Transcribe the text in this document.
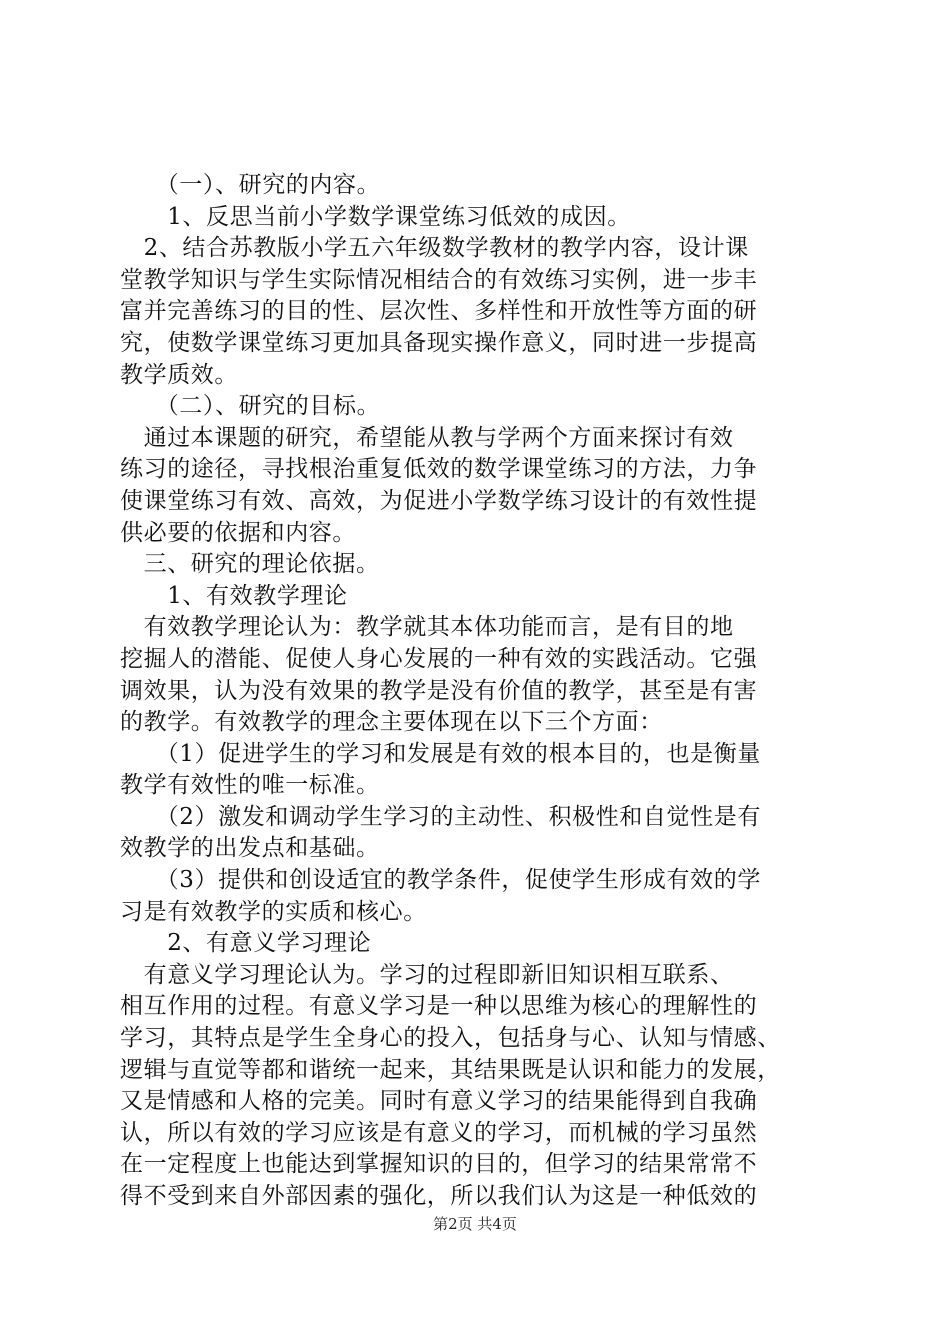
　　（一）、研究的内容。
　　1、反思当前小学数学课堂练习低效的成因。
　2、结合苏教版小学五六年级数学教材的教学内容，设计课
堂教学知识与学生实际情况相结合的有效练习实例，进一步丰
富并完善练习的目的性、层次性、多样性和开放性等方面的研
究，使数学课堂练习更加具备现实操作意义，同时进一步提高
教学质效。
　　（二）、研究的目标。
　通过本课题的研究，希望能从教与学两个方面来探讨有效
练习的途径，寻找根治重复低效的数学课堂练习的方法，力争
使课堂练习有效、高效，为促进小学数学练习设计的有效性提
供必要的依据和内容。
　三、研究的理论依据。
　　1、有效教学理论
　有效教学理论认为：教学就其本体功能而言，是有目的地
挖掘人的潜能、促使人身心发展的一种有效的实践活动。它强
调效果，认为没有效果的教学是没有价值的教学，甚至是有害
的教学。有效教学的理念主要体现在以下三个方面：
　　（1）促进学生的学习和发展是有效的根本目的，也是衡量
教学有效性的唯一标准。
　　（2）激发和调动学生学习的主动性、积极性和自觉性是有
效教学的出发点和基础。
　　（3）提供和创设适宜的教学条件，促使学生形成有效的学
习是有效教学的实质和核心。
　　2、有意义学习理论
　有意义学习理论认为。学习的过程即新旧知识相互联系、
相互作用的过程。有意义学习是一种以思维为核心的理解性的
学习，其特点是学生全身心的投入，包括身与心、认知与情感、
逻辑与直觉等都和谐统一起来，其结果既是认识和能力的发展，
又是情感和人格的完美。同时有意义学习的结果能得到自我确
认，所以有效的学习应该是有意义的学习，而机械的学习虽然
在一定程度上也能达到掌握知识的目的，但学习的结果常常不
得不受到来自外部因素的强化，所以我们认为这是一种低效的
第2页 共4页
